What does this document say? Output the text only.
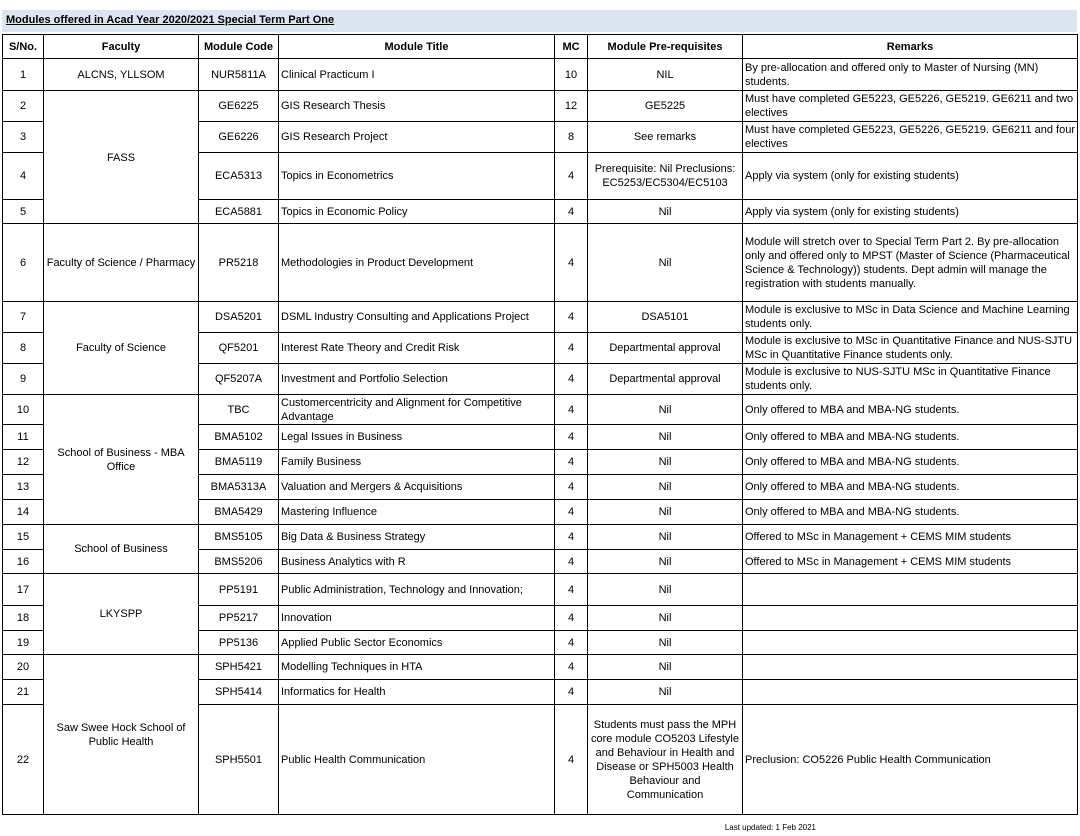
Modules offered in Acad Year 2020/2021 Special Term Part One
S/No.	Faculty	Module Code	Module Title	MC	Module Pre-requisites	Remarks
1	ALCNS, YLLSOM	NUR5811A	Clinical Practicum I	10	NIL	By pre-allocation and offered only to Master of Nursing (MN) students.
2	FASS	GE6225	GIS Research Thesis	12	GE5225	Must have completed GE5223, GE5226, GE5219. GE6211 and two electives
3		GE6226	GIS Research Project	8	See remarks	Must have completed GE5223, GE5226, GE5219. GE6211 and four electives
4		ECA5313	Topics in Econometrics	4	Prerequisite: Nil Preclusions: EC5253/EC5304/EC5103	Apply via system (only for existing students)
5		ECA5881	Topics in Economic Policy	4	Nil	Apply via system (only for existing students)
6	Faculty of Science / Pharmacy	PR5218	Methodologies in Product Development	4	Nil	Module will stretch over to Special Term Part 2. By pre-allocation only and offered only to MPST (Master of Science (Pharmaceutical Science & Technology)) students. Dept admin will manage the registration with students manually.
7	Faculty of Science	DSA5201	DSML Industry Consulting and Applications Project	4	DSA5101	Module is exclusive to MSc in Data Science and Machine Learning students only.
8		QF5201	Interest Rate Theory and Credit Risk	4	Departmental approval	Module is exclusive to MSc in Quantitative Finance and NUS-SJTU MSc in Quantitative Finance students only.
9		QF5207A	Investment and Portfolio Selection	4	Departmental approval	Module is exclusive to NUS-SJTU MSc in Quantitative Finance students only.
10	School of Business - MBA Office	TBC	Customercentricity and Alignment for Competitive Advantage	4	Nil	Only offered to MBA and MBA-NG students.
11		BMA5102	Legal Issues in Business	4	Nil	Only offered to MBA and MBA-NG students.
12		BMA5119	Family Business	4	Nil	Only offered to MBA and MBA-NG students.
13		BMA5313A	Valuation and Mergers & Acquisitions	4	Nil	Only offered to MBA and MBA-NG students.
14		BMA5429	Mastering Influence	4	Nil	Only offered to MBA and MBA-NG students.
15	School of Business	BMS5105	Big Data & Business Strategy	4	Nil	Offered to MSc in Management + CEMS MIM students
16		BMS5206	Business Analytics with R	4	Nil	Offered to MSc in Management + CEMS MIM students
17	LKYSPP	PP5191	Public Administration, Technology and Innovation;	4	Nil	
18		PP5217	Innovation	4	Nil	
19		PP5136	Applied Public Sector Economics	4	Nil	
20	Saw Swee Hock School of Public Health	SPH5421	Modelling Techniques in HTA	4	Nil	
21		SPH5414	Informatics for Health	4	Nil	
22		SPH5501	Public Health Communication	4	Students must pass the MPH core module CO5203 Lifestyle and Behaviour in Health and Disease or SPH5003 Health Behaviour and Communication	Preclusion: CO5226 Public Health Communication
Last updated: 1 Feb 2021
